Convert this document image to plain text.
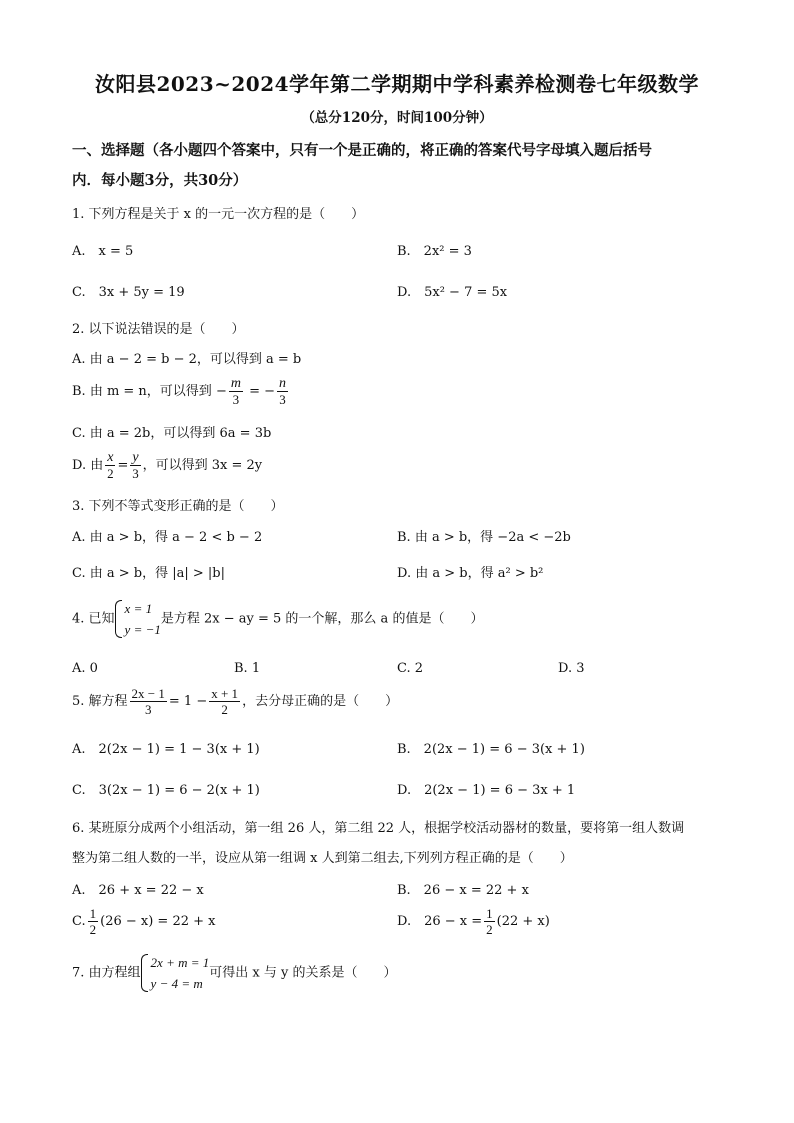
汝阳县2023~2024学年第二学期期中学科素养检测卷七年级数学
（总分120分，时间100分钟）
一、选择题（各小题四个答案中，只有一个是正确的，将正确的答案代号字母填入题后括号
内．每小题3分，共30分）
1. 下列方程是关于 x 的一元一次方程的是（　　）
A.　x = 5	B.　2x² = 3
C.　3x + 5y = 19	D.　5x² − 7 = 5x
2. 以下说法错误的是（　　）
A. 由 a − 2 = b − 2，可以得到 a = b
B. 由 m = n，可以得到 − $\frac{m}{3}$ = − $\frac{n}{3}$
C. 由 a = 2b，可以得到 6a = 3b
D. 由 $\frac{x}{2} = \frac{y}{3}$ ，可以得到 3x = 2y
3. 下列不等式变形正确的是（　　）
A. 由 a > b，得 a − 2 < b − 2	B. 由 a > b，得 −2a < −2b
C. 由 a > b，得 |a| > |b|	D. 由 a > b，得 a² > b²
4. 已知
x = 1
y = −1
是方程 2x − ay = 5 的一个解，那么 a 的值是（　　）
A. 0	B. 1	C. 2	D. 3
5. 解方程 $\frac{2x - 1}{3} = 1 - \frac{x + 1}{2}$ ，去分母正确的是（　　）
A.　2(2x − 1) = 1 − 3(x + 1)	B.　2(2x − 1) = 6 − 3(x + 1)
C.　3(2x − 1) = 6 − 2(x + 1)	D.　2(2x − 1) = 6 − 3x + 1
6. 某班原分成两个小组活动，第一组 26 人，第二组 22 人，根据学校活动器材的数量，要将第一组人数调
整为第二组人数的一半，设应从第一组调 x 人到第二组去,下列列方程正确的是（　　）
A.　26 + x = 22 − x	B.　26 − x = 22 + x
C. $\frac{1}{2} (26 - x) = 22 + x$	D.　$26 - x = \frac{1}{2} (22 + x)$
7. 由方程组
2x + m = 1
y − 4 = m
可得出 x 与 y 的关系是（　　）
